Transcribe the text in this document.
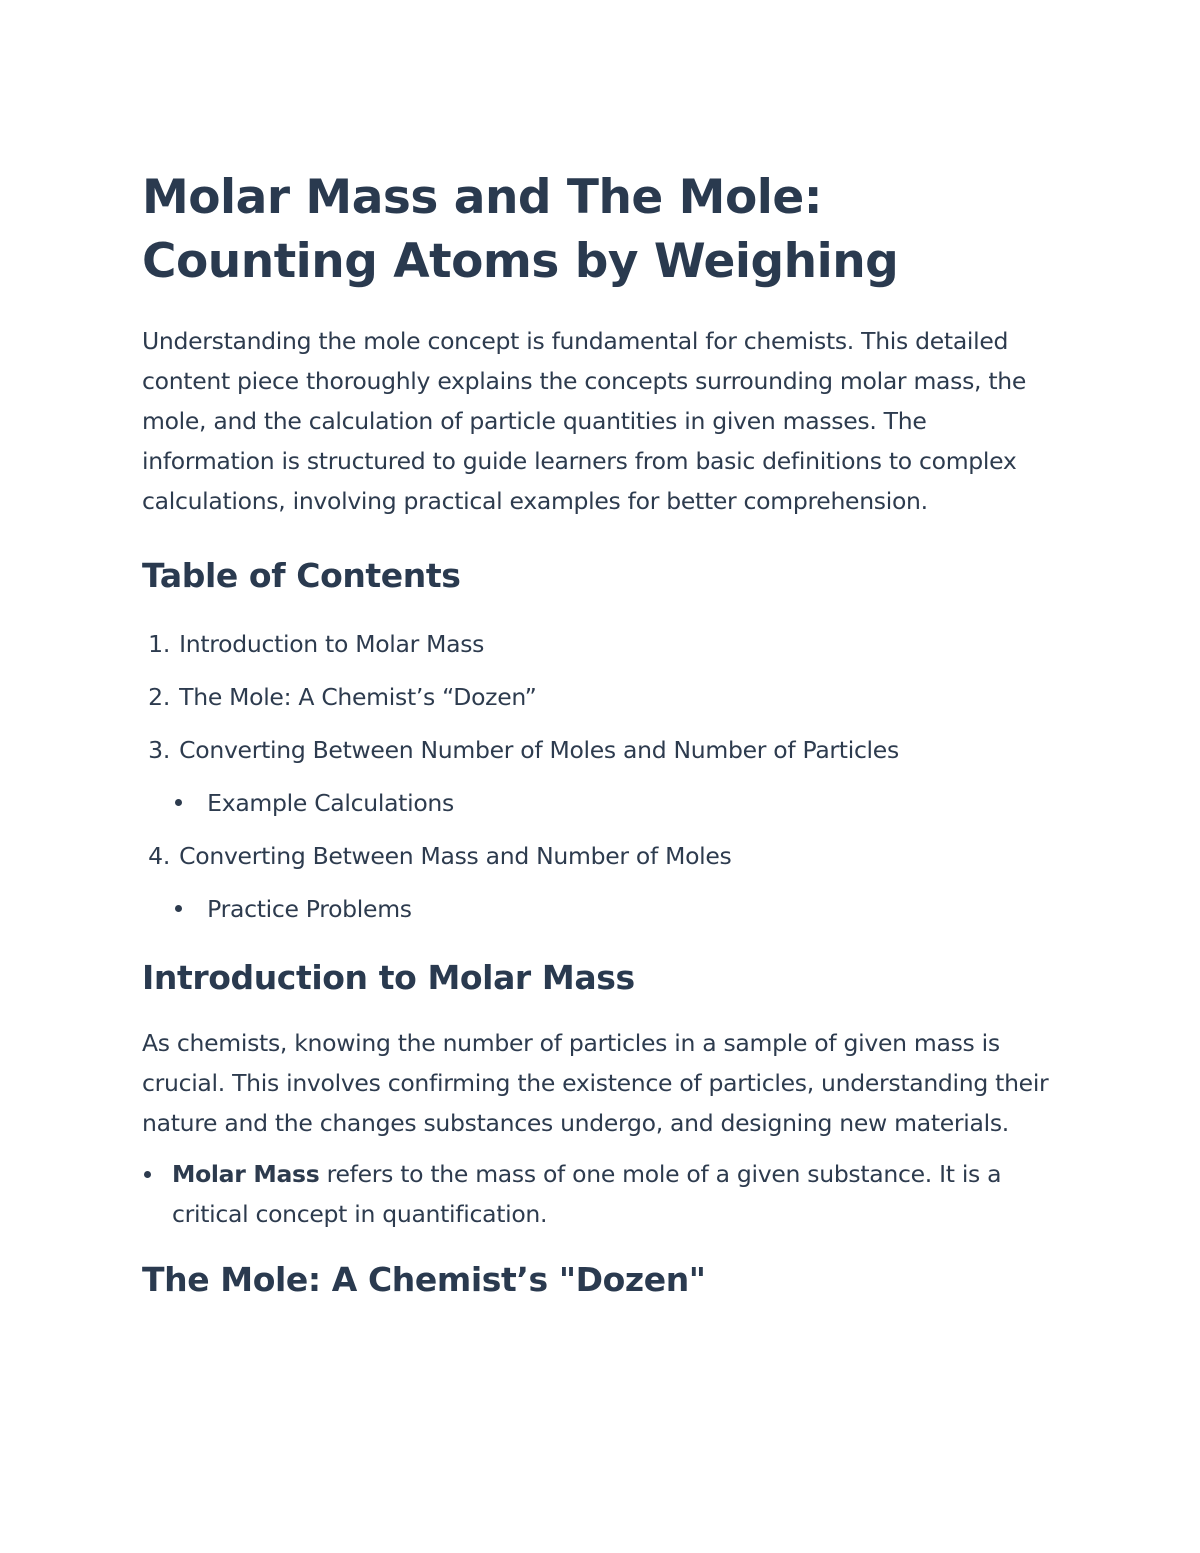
Molar Mass and The Mole: Counting Atoms by Weighing

Understanding the mole concept is fundamental for chemists. This detailed content piece thoroughly explains the concepts surrounding molar mass, the mole, and the calculation of particle quantities in given masses. The information is structured to guide learners from basic definitions to complex calculations, involving practical examples for better comprehension.

Table of Contents
1. Introduction to Molar Mass
2. The Mole: A Chemist’s “Dozen”
3. Converting Between Number of Moles and Number of Particles
Example Calculations
4. Converting Between Mass and Number of Moles
Practice Problems
Introduction to Molar Mass

As chemists, knowing the number of particles in a sample of given mass is crucial. This involves confirming the existence of particles, understanding their nature and the changes substances undergo, and designing new materials.

Molar Mass refers to the mass of one mole of a given substance. It is a critical concept in quantification.
The Mole: A Chemist’s "Dozen"
